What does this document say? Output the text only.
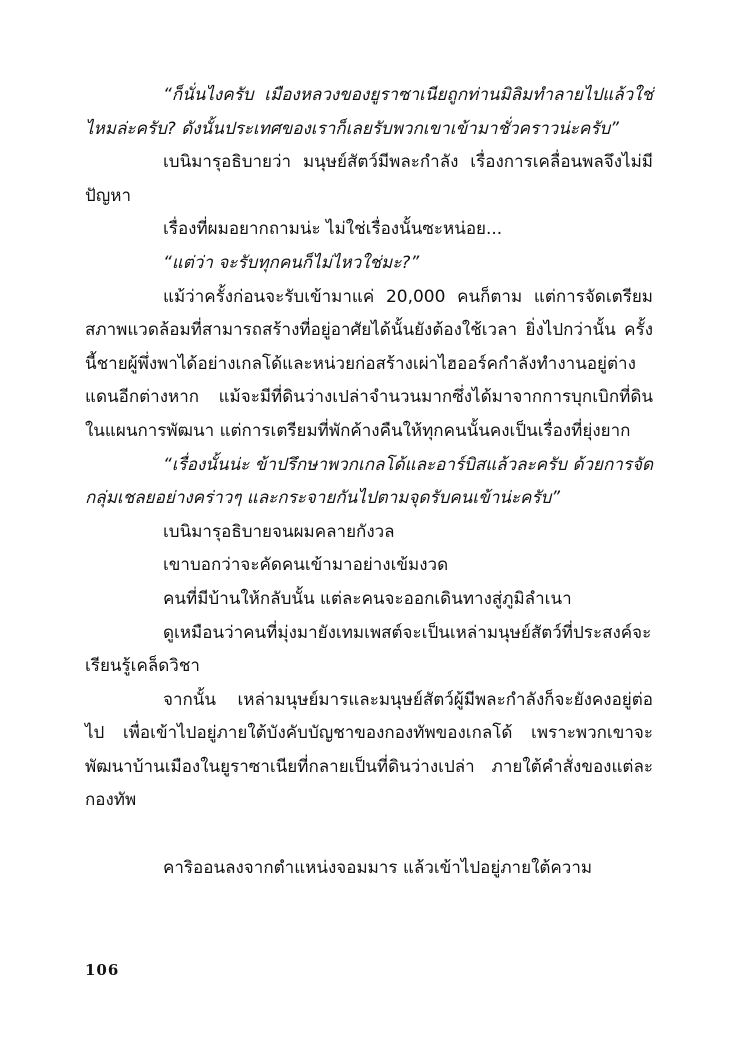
“ก็นั่นไงครับ เมืองหลวงของยูราซาเนียถูกท่านมิลิมทำลายไปแล้วใช่ไหมล่ะครับ? ดังนั้นประเทศของเราก็เลยรับพวกเขาเข้ามาชั่วคราวน่ะครับ”

เบนิมารุอธิบายว่า มนุษย์สัตว์มีพละกำลัง เรื่องการเคลื่อนพลจึงไม่มีปัญหา

เรื่องที่ผมอยากถามน่ะ ไม่ใช่เรื่องนั้นซะหน่อย...

“แต่ว่า จะรับทุกคนก็ไม่ไหวใช่มะ?”

แม้ว่าครั้งก่อนจะรับเข้ามาแค่ 20,000 คนก็ตาม แต่การจัดเตรียมสภาพแวดล้อมที่สามารถสร้างที่อยู่อาศัยได้นั้นยังต้องใช้เวลา ยิ่งไปกว่านั้น ครั้งนี้ชายผู้พึ่งพาได้อย่างเกลโด้และหน่วยก่อสร้างเผ่าไฮออร์คกำลังทำงานอยู่ต่างแดนอีกต่างหาก แม้จะมีที่ดินว่างเปล่าจำนวนมากซึ่งได้มาจากการบุกเบิกที่ดินในแผนการพัฒนา แต่การเตรียมที่พักค้างคืนให้ทุกคนนั้นคงเป็นเรื่องที่ยุ่งยาก

“เรื่องนั้นน่ะ ข้าปรึกษาพวกเกลโด้และอาร์บิสแล้วละครับ ด้วยการจัดกลุ่มเชลยอย่างคร่าวๆ และกระจายกันไปตามจุดรับคนเข้าน่ะครับ”

เบนิมารุอธิบายจนผมคลายกังวล

เขาบอกว่าจะคัดคนเข้ามาอย่างเข้มงวด

คนที่มีบ้านให้กลับนั้น แต่ละคนจะออกเดินทางสู่ภูมิลำเนา

ดูเหมือนว่าคนที่มุ่งมายังเทมเพสต์จะเป็นเหล่ามนุษย์สัตว์ที่ประสงค์จะเรียนรู้เคล็ดวิชา

จากนั้น เหล่ามนุษย์มารและมนุษย์สัตว์ผู้มีพละกำลังก็จะยังคงอยู่ต่อไป เพื่อเข้าไปอยู่ภายใต้บังคับบัญชาของกองทัพของเกลโด้ เพราะพวกเขาจะพัฒนาบ้านเมืองในยูราซาเนียที่กลายเป็นที่ดินว่างเปล่า ภายใต้คำสั่งของแต่ละกองทัพ

คาริออนลงจากตำแหน่งจอมมาร แล้วเข้าไปอยู่ภายใต้ความ

106
